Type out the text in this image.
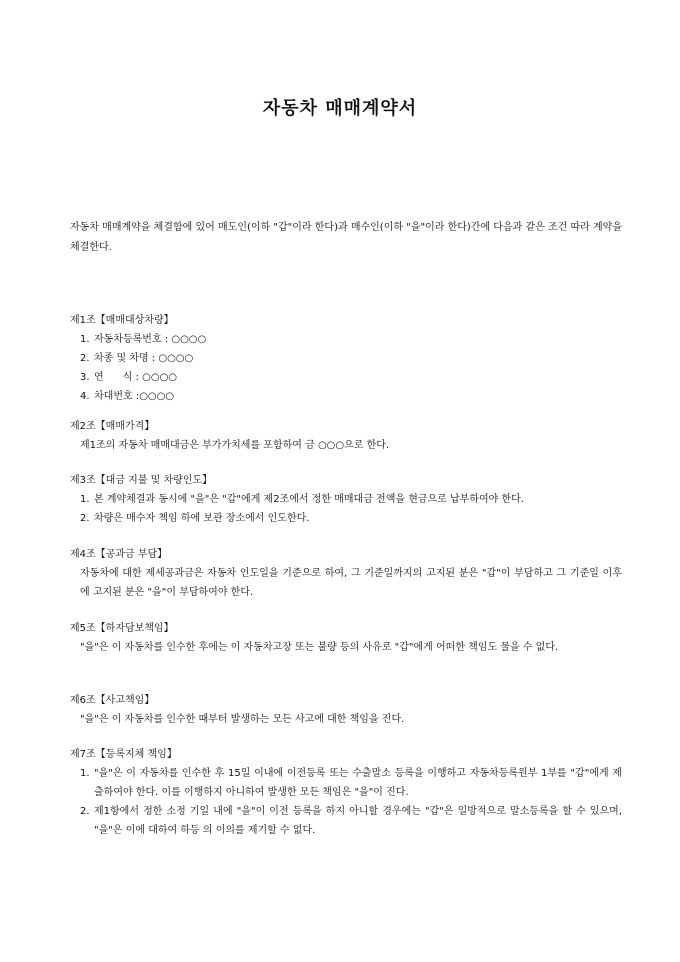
자동차 매매계약서
자동차 매매계약을 체결함에 있어 매도인(이하 "갑"이라 한다)과 매수인(이하 "을"이라 한다)간에 다음과 같은 조건 따라 계약을 체결한다.
제1조【매매대상차량】
1. 자동차등록번호 : ○○○○
2. 차종 및 차명 : ○○○○
3. 연      식 : ○○○○
4. 차대번호 :○○○○
제2조【매매가격】
제1조의 자동차 매매대금은 부가가치세를 포함하여 금 ○○○으로 한다.
제3조【대금 지불 및 차량인도】
1. 본 계약체결과 동시에 "을"은 "갑"에게 제2조에서 정한 매매대금 전액을 현금으로 납부하여야 한다.
2. 차량은 매수자 책임 하에 보관 장소에서 인도한다.
제4조【공과금 부담】
자동차에 대한 제세공과금은 자동차 인도일을 기준으로 하여, 그 기준일까지의 고지된 분은 "갑"이 부담하고 그 기준일 이후에 고지된 분은 "을"이 부담하여야 한다.
제5조【하자담보책임】
"을"은 이 자동차를 인수한 후에는 이 자동차고장 또는 불량 등의 사유로 "갑"에게 어떠한 책임도 물을 수 없다.
제6조【사고책임】
"을"은 이 자동차를 인수한 때부터 발생하는 모든 사고에 대한 책임을 진다.
제7조【등록지체 책임】
1. "을"은 이 자동차를 인수한 후 15일 이내에 이전등록 또는 수출말소 등록을 이행하고 자동차등록원부 1부를 "갑"에게 제출하여야 한다. 이를 이행하지 아니하여 발생한 모든 책임은 "을"이 진다.
2. 제1항에서 정한 소정 기일 내에 "을"이 이전 등록을 하지 아니할 경우에는 "갑"은 일방적으로 말소등록을 할 수 있으며, "을"은 이에 대하여 하등 의 이의를 제기할 수 없다.
